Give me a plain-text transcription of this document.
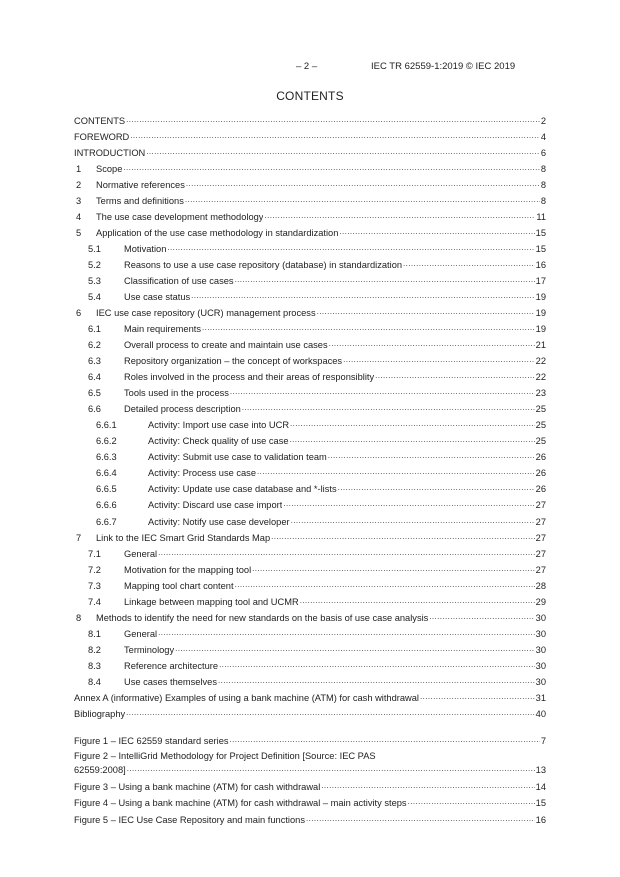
– 2 –	IEC TR 62559-1:2019 © IEC 2019
CONTENTS
CONTENTS .....	2
FOREWORD .....	4
INTRODUCTION .....	6
1	Scope .....	8
2	Normative references .....	8
3	Terms and definitions .....	8
4	The use case development methodology .....	11
5	Application of the use case methodology in standardization .....	15
5.1	Motivation .....	15
5.2	Reasons to use a use case repository (database) in standardization .....	16
5.3	Classification of use cases .....	17
5.4	Use case status .....	19
6	IEC use case repository (UCR) management process .....	19
6.1	Main requirements .....	19
6.2	Overall process to create and maintain use cases .....	21
6.3	Repository organization – the concept of workspaces .....	22
6.4	Roles involved in the process and their areas of responsiblity .....	22
6.5	Tools used in the process .....	23
6.6	Detailed process description .....	25
6.6.1	Activity: Import use case into UCR .....	25
6.6.2	Activity: Check quality of use case .....	25
6.6.3	Activity: Submit use case to validation team .....	26
6.6.4	Activity: Process use case .....	26
6.6.5	Activity: Update use case database and *-lists .....	26
6.6.6	Activity: Discard use case import .....	27
6.6.7	Activity: Notify use case developer .....	27
7	Link to the IEC Smart Grid Standards Map .....	27
7.1	General .....	27
7.2	Motivation for the mapping tool .....	27
7.3	Mapping tool chart content .....	28
7.4	Linkage between mapping tool and UCMR .....	29
8	Methods to identify the need for new standards on the basis of use case analysis .....	30
8.1	General .....	30
8.2	Terminology .....	30
8.3	Reference architecture .....	30
8.4	Use cases themselves .....	30
Annex A (informative) Examples of using a bank machine (ATM) for cash withdrawal .....	31
Bibliography .....	40
Figure 1 – IEC 62559 standard series .....	7
Figure 2 – IntelliGrid Methodology for Project Definition [Source: IEC PAS
62559:2008] .....	13
Figure 3 – Using a bank machine (ATM) for cash withdrawal .....	14
Figure 4 – Using a bank machine (ATM) for cash withdrawal – main activity steps .....	15
Figure 5 – IEC Use Case Repository and main functions .....	16
